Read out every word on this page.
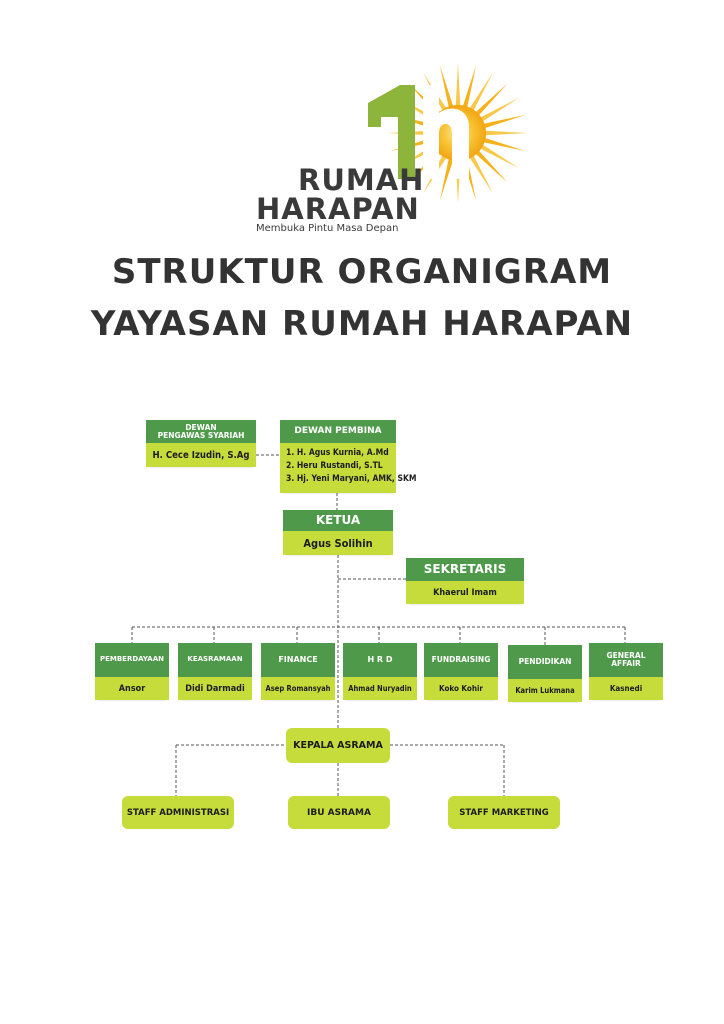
RUMAH
HARAPAN
Membuka Pintu Masa Depan
STRUKTUR ORGANIGRAM
YAYASAN RUMAH HARAPAN
DEWAN
PENGAWAS SYARIAH
H. Cece Izudin, S.Ag
DEWAN PEMBINA
1. H. Agus Kurnia, A.Md
2. Heru Rustandi, S.TL
3. Hj. Yeni Maryani, AMK, SKM
KETUA
Agus Solihin
SEKRETARIS
Khaerul Imam
PEMBERDAYAAN
Ansor
KEASRAMAAN
Didi Darmadi
FINANCE
Asep Romansyah
H R D
Ahmad Nuryadin
FUNDRAISING
Koko Kohir
PENDIDIKAN
Karim Lukmana
GENERAL
AFFAIR
Kasnedi
KEPALA ASRAMA
STAFF ADMINISTRASI	IBU ASRAMA	STAFF MARKETING
